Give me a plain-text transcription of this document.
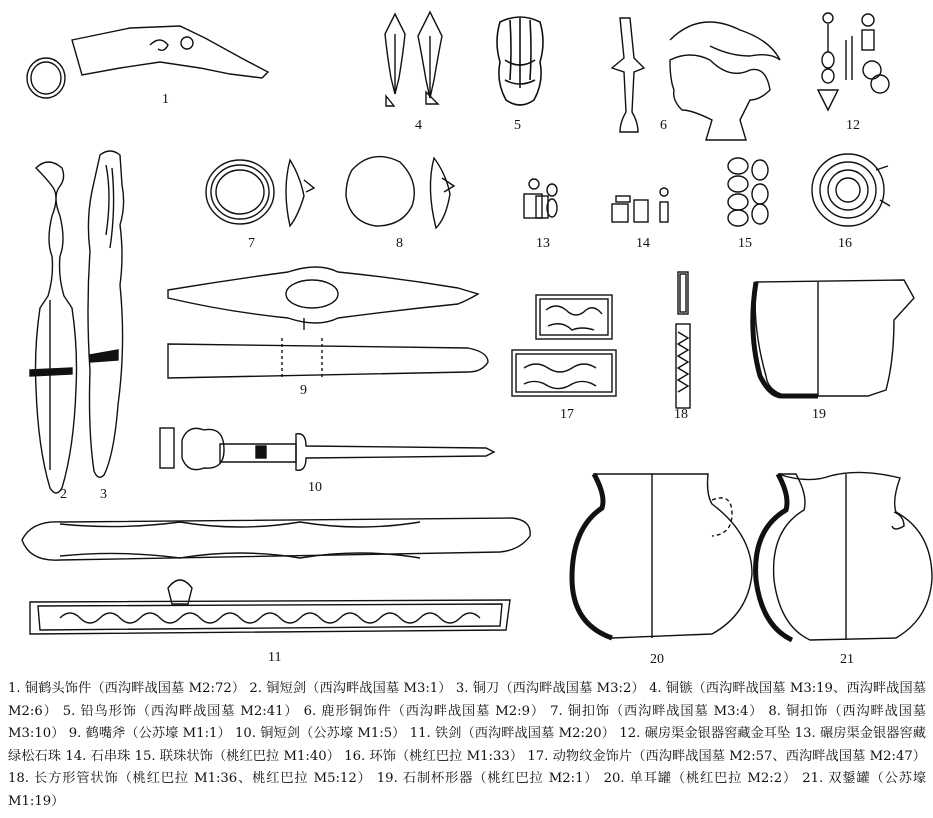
1
2 3
4	5	6	12
7	8	13	14	15	16
9
17	18	19
10
11	20	21
1. 铜鹤头饰件（西沟畔战国墓 M2:72） 2. 铜短剑（西沟畔战国墓 M3:1） 3. 铜刀（西沟畔战国墓 M3:2） 4. 铜镞（西沟畔战国墓 M3:19、西沟畔战国墓 M2:6） 5. 铅鸟形饰（西沟畔战国墓 M2:41） 6. 鹿形铜饰件（西沟畔战国墓 M2:9） 7. 铜扣饰（西沟畔战国墓 M3:4） 8. 铜扣饰（西沟畔战国墓 M3:10） 9. 鹤嘴斧（公苏壕 M1:1） 10. 铜短剑（公苏壕 M1:5） 11. 铁剑（西沟畔战国墓 M2:20） 12. 碾房渠金银器窖藏金耳坠 13. 碾房渠金银器窖藏绿松石珠 14. 石串珠 15. 联珠状饰（桃红巴拉 M1:40） 16. 环饰（桃红巴拉 M1:33） 17. 动物纹金饰片（西沟畔战国墓 M2:57、西沟畔战国墓 M2:47） 18. 长方形管状饰（桃红巴拉 M1:36、桃红巴拉 M5:12） 19. 石制杯形器（桃红巴拉 M2:1） 20. 单耳罐（桃红巴拉 M2:2） 21. 双鋬罐（公苏壕 M1:19）
